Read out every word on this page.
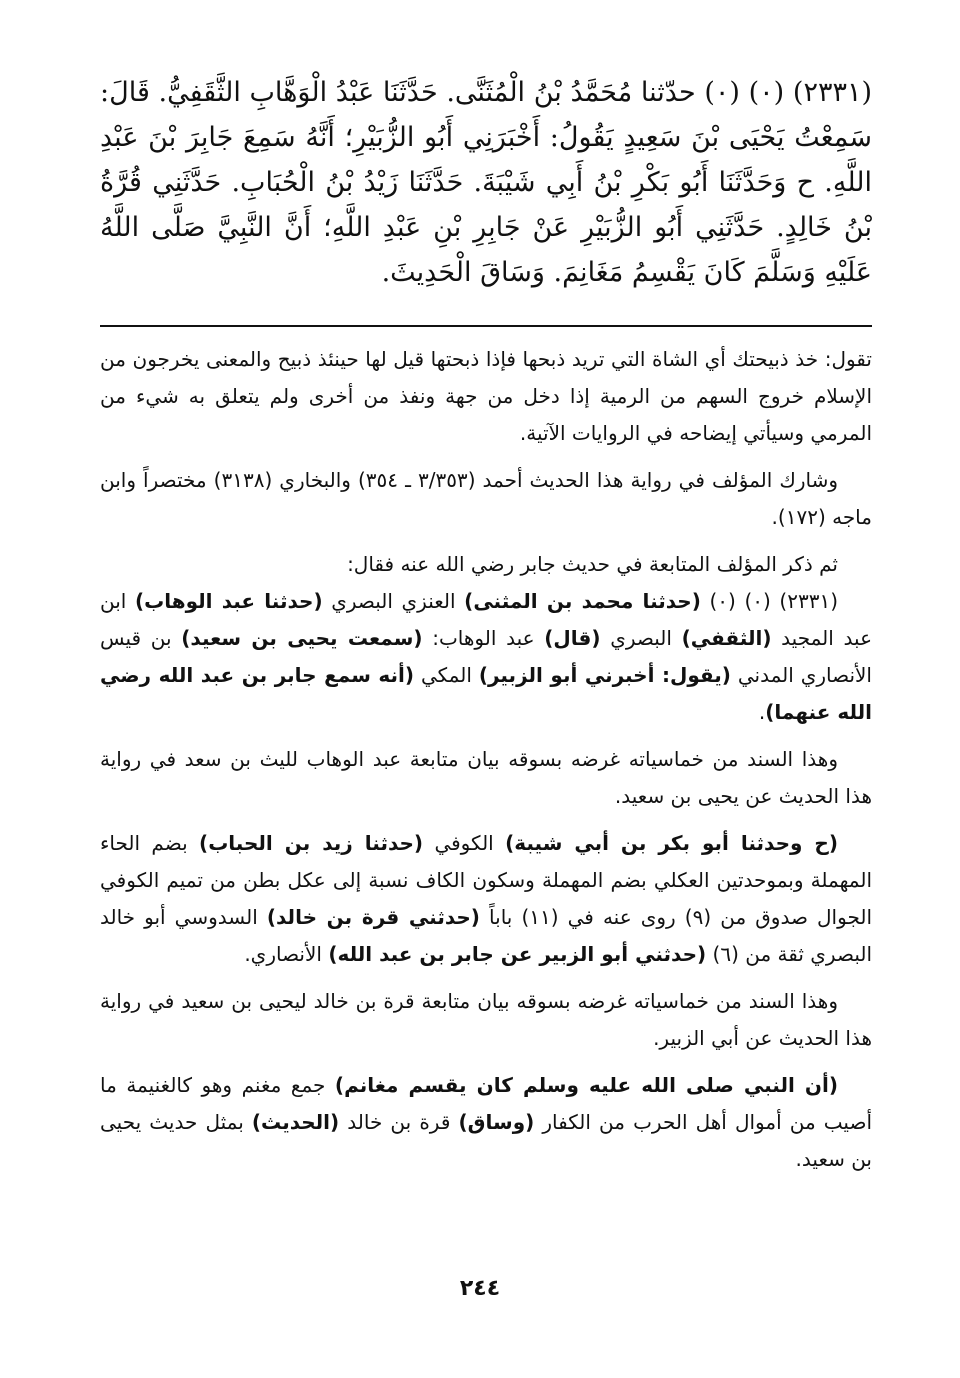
(٢٣٣١) (٠) (٠) حدّثنا مُحَمَّدُ بْنُ الْمُثَنَّى. حَدَّثَنَا عَبْدُ الْوَهَّابِ الثَّقَفِيُّ. قَالَ: سَمِعْتُ يَحْيَى بْنَ سَعِيدٍ يَقُولُ: أَخْبَرَنِي أَبُو الزُّبَيْرِ؛ أَنَّهُ سَمِعَ جَابِرَ بْنَ عَبْدِ اللَّهِ. ح وَحَدَّثَنَا أَبُو بَكْرِ بْنُ أَبِي شَيْبَةَ. حَدَّثَنَا زَيْدُ بْنُ الْحُبَابِ. حَدَّثَنِي قُرَّةُ بْنُ خَالِدٍ. حَدَّثَنِي أَبُو الزُّبَيْرِ عَنْ جَابِرِ بْنِ عَبْدِ اللَّهِ؛ أَنَّ النَّبِيَّ صَلَّى اللَّهُ عَلَيْهِ وَسَلَّمَ كَانَ يَقْسِمُ مَغَانِمَ. وَسَاقَ الْحَدِيثَ.

تقول: خذ ذبيحتك أي الشاة التي تريد ذبحها فإذا ذبحتها قيل لها حينئذ ذبيح والمعنى يخرجون من الإسلام خروج السهم من الرمية إذا دخل من جهة ونفذ من أخرى ولم يتعلق به شيء من المرمي وسيأتي إيضاحه في الروايات الآتية.

وشارك المؤلف في رواية هذا الحديث أحمد (٣/٣٥٣ ـ ٣٥٤) والبخاري (٣١٣٨) مختصراً وابن ماجه (١٧٢).

ثم ذكر المؤلف المتابعة في حديث جابر رضي الله عنه فقال:

(٢٣٣١) (٠) (٠) (حدثنا محمد بن المثنى) العنزي البصري (حدثنا عبد الوهاب) ابن عبد المجيد (الثقفي) البصري (قال) عبد الوهاب: (سمعت يحيى بن سعيد) بن قيس الأنصاري المدني (يقول: أخبرني أبو الزبير) المكي (أنه سمع جابر بن عبد الله رضي الله عنهما).

وهذا السند من خماسياته غرضه بسوقه بيان متابعة عبد الوهاب لليث بن سعد في رواية هذا الحديث عن يحيى بن سعيد.

(ح وحدثنا أبو بكر بن أبي شيبة) الكوفي (حدثنا زيد بن الحباب) بضم الحاء المهملة وبموحدتين العكلي بضم المهملة وسكون الكاف نسبة إلى عكل بطن من تميم الكوفي الجوال صدوق من (٩) روى عنه في (١١) باباً (حدثني قرة بن خالد) السدوسي أبو خالد البصري ثقة من (٦) (حدثني أبو الزبير عن جابر بن عبد الله) الأنصاري.

وهذا السند من خماسياته غرضه بسوقه بيان متابعة قرة بن خالد ليحيى بن سعيد في رواية هذا الحديث عن أبي الزبير.

(أن النبي صلى الله عليه وسلم كان يقسم مغانم) جمع مغنم وهو كالغنيمة ما أصيب من أموال أهل الحرب من الكفار (وساق) قرة بن خالد (الحديث) بمثل حديث يحيى بن سعيد.

٢٤٤
